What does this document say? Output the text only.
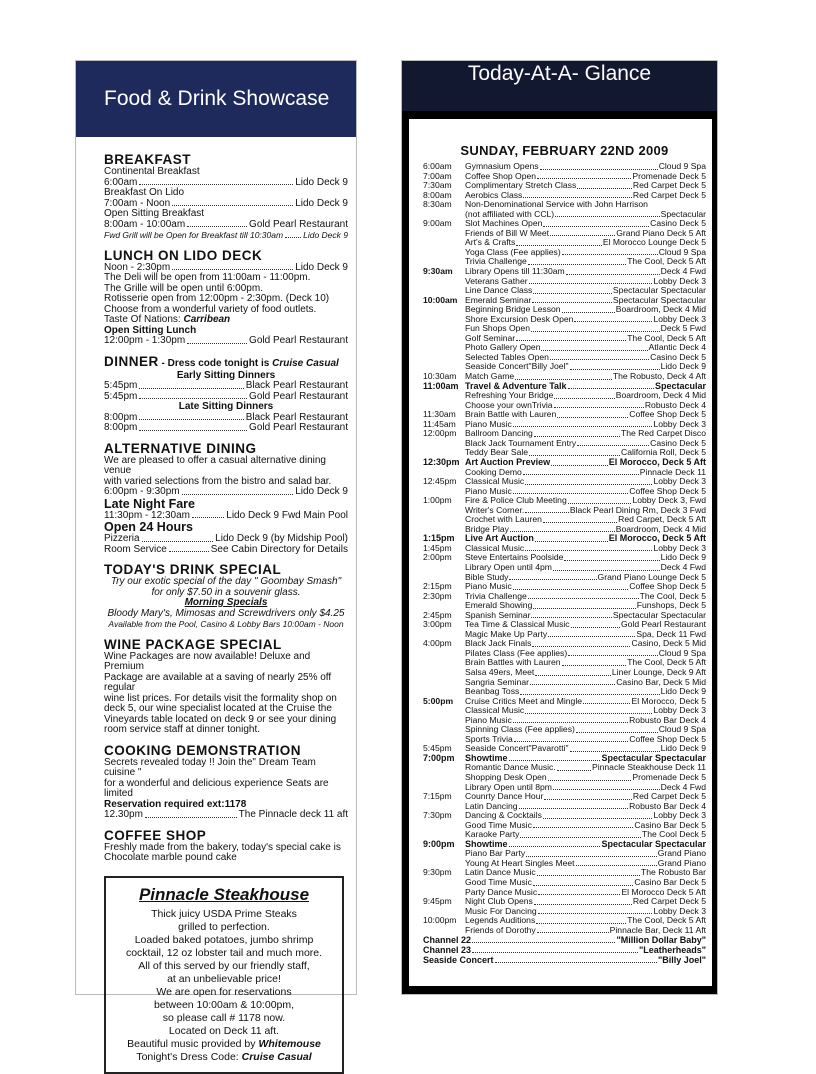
Food & Drink Showcase
BREAKFAST
Continental Breakfast
6:00am	Lido Deck 9
Breakfast On Lido
7:00am - Noon	Lido Deck 9
Open Sitting Breakfast
8:00am - 10:00am	Gold Pearl Restaurant
Fwd Grill will be Open for Breakfast till 10:30am Lido Deck 9
LUNCH ON LIDO DECK
Noon - 2:30pm	Lido Deck 9
The Deli will be open from 11:00am - 11:00pm.
The Grille will be open until 6:00pm.
Rotisserie open from 12:00pm - 2:30pm. (Deck 10)
Choose from a wonderful variety of food outlets.
Taste Of Nations: Carribean
Open Sitting Lunch
12:00pm - 1:30pm	Gold Pearl Restaurant
DINNER - Dress code tonight is Cruise Casual
Early Sitting Dinners
5:45pm	Black Pearl Restaurant
5:45pm	Gold Pearl Restaurant
Late Sitting Dinners
8:00pm	Black Pearl Restaurant
8:00pm	Gold Pearl Restaurant
ALTERNATIVE DINING
We are pleased to offer a casual alternative dining venue
with varied selections from the bistro and salad bar.
6:00pm - 9:30pm	Lido Deck 9
Late Night Fare
11:30pm - 12:30am	Lido Deck 9 Fwd Main Pool
Open 24 Hours
Pizzeria	Lido Deck 9 (by Midship Pool)
Room Service	See Cabin Directory for Details
TODAY'S DRINK SPECIAL
Try our exotic special of the day " Goombay Smash"
for only $7.50 in a souvenir glass.
Morning Specials
Bloody Mary's, Mimosas and Screwdrivers only $4.25
Available from the Pool, Casino & Lobby Bars 10:00am - Noon
WINE PACKAGE SPECIAL
Wine Packages are now available! Deluxe and Premium
Package are available at a saving of nearly 25% off regular
wine list prices. For details visit the formality shop on
deck 5, our wine specialist located at the Cruise the
Vineyards table located on deck 9 or see your dining
room service staff at dinner tonight.
COOKING DEMONSTRATION
Secrets revealed today !! Join the" Dream Team cuisine "
for a wonderful and delicious experience Seats are limited
Reservation required ext:1178
12.30pm	The Pinnacle deck 11 aft
COFFEE SHOP
Freshly made from the bakery, today's special cake is
Chocolate marble pound cake
Pinnacle Steakhouse
Thick juicy USDA Prime Steaks
grilled to perfection.
Loaded baked potatoes, jumbo shrimp
cocktail, 12 oz lobster tail and much more.
All of this served by our friendly staff,
at an unbelievable price!
We are open for reservations
between 10:00am & 10:00pm,
so please call # 1178 now.
Located on Deck 11 aft.
Beautiful music provided by Whitemouse
Tonight's Dress Code: Cruise Casual
Today-At-A- Glance
SUNDAY, FEBRUARY 22ND 2009
6:00am	Gymnasium Opens	Cloud 9 Spa
7:00am	Coffee Shop Open	Promenade Deck 5
7:30am	Complimentary Stretch Class	Red Carpet Deck 5
8:00am	Aerobics Class	Red Carpet Deck 5
8:30am	Non-Denominational Service with John Harrison
(not affiliated with CCL)	Spectacular
9:00am	Slot Machines Open	Casino Deck 5
Friends of Bill W Meet	Grand Piano Deck 5 Aft
Art's & Crafts	El Morocco Lounge Deck 5
Yoga Class (Fee applies)	Cloud 9 Spa
Trivia Challenge	The Cool, Deck 5 Aft
9:30am	Library Opens till 11:30am	Deck 4 Fwd
Veterans Gather	Lobby Deck 3
Line Dance Class	Spectacular Spectacular
10:00am Emerald Seminar	Spectacular Spectacular
Beginning Bridge Lesson	Boardroom, Deck 4 Mid
Shore Excursion Desk Open	Lobby Deck 3
Fun Shops Open	Deck 5 Fwd
Golf Seminar	The Cool, Deck 5 Aft
Photo Gallery Open	Atlantic Deck 4
Selected Tables Open	Casino Deck 5
Seaside Concert"Billy Joel"	Lido Deck 9
10:30am Match Game	The Robusto, Deck 4 Aft
11:00am Travel & Adventure Talk	Spectacular
Refreshing Your Bridge	Boardroom, Deck 4 Mid
Choose your ownTrivia	Robusto Deck 4
11:30am	Brain Battle with Lauren	Coffee Shop Deck 5
11:45am	Piano Music	Lobby Deck 3
12:00pm Ballroom Dancing	The Red Carpet Disco
Black Jack Tournament Entry	Casino Deck 5
Teddy Bear Sale	California Roll, Deck 5
12:30pm Art Auction Preview	El Morocco, Deck 5 Aft
Cooking Demo	Pinnacle Deck 11
12:45pm Classical Music	Lobby Deck 3
Piano Music	Coffee Shop Deck 5
1:00pm	Fire & Police Club Meeting	Lobby Deck 3, Fwd
Writer's Corner.	Black Pearl Dining Rm, Deck 3 Fwd
Crochet with Lauren	Red Carpet, Deck 5 Aft
Bridge Play	Boardroom, Deck 4 Mid
1:15pm	Live Art Auction	El Morocco, Deck 5 Aft
1:45pm	Classical Music	Lobby Deck 3
2:00pm	Steve Entertains Poolside	Lido Deck 9
Library Open until 4pm	Deck 4 Fwd
Bible Study	Grand Piano Lounge Deck 5
2:15pm	Piano Music	Coffee Shop Deck 5
2:30pm	Trivia Challenge	The Cool, Deck 5
Emerald Showing	Funshops, Deck 5
2:45pm	Spanish Seminar	Spectacular Spectacular
3:00pm	Tea Time & Classical Music	Gold Pearl Restaurant
Magic Make Up Party	Spa, Deck 11 Fwd
4:00pm	Black Jack Finals	Casino, Deck 5 Mid
Pilates Class (Fee applies)	Cloud 9 Spa
Brain Battles with Lauren	The Cool, Deck 5 Aft
Salsa 49ers, Meet	Liner Lounge, Deck 9 Aft
Sangria Seminar	Casino Bar, Deck 5 Mid
Beanbag Toss	Lido Deck 9
5:00pm	Cruise Critics Meet and Mingle	El Morocco, Deck 5
Classical Music	Lobby Deck 3
Piano Music	Robusto Bar Deck 4
Spinning Class (Fee applies)	Cloud 9 Spa
Sports Trivia	Coffee Shop Deck 5
5:45pm	Seaside Concert"Pavarotti"	Lido Deck 9
7:00pm	Showtime	Spectacular Spectacular
Romantic Dance Music.	Pinnacle Steakhouse Deck 11
Shopping Desk Open	Promenade Deck 5
Library Open until 8pm	Deck 4 Fwd
7:15pm	Counrty Dance Hour	Red Carpet Deck 5
Latin Dancing	Robusto Bar Deck 4
7:30pm	Dancing & Cocktails	Lobby Deck 3
Good Time Music	Casino Bar Deck 5
Karaoke Party	The Cool Deck 5
9:00pm	Showtime	Spectacular Spectacular
Piano Bar Party	Grand Piano
Young At Heart Singles Meet	Grand Piano
9:30pm	Latin Dance Music	The Robusto Bar
Good Time Music	Casino Bar Deck 5
Party Dance Music	El Morocco Deck 5 Aft
9:45pm	Night Club Opens	Red Carpet Deck 5
Music For Dancing	Lobby Deck 3
10:00pm Legends Auditions	The Cool, Deck 5 Aft
Friends of Dorothy	Pinnacle Bar, Deck 11 Aft
Channel 22	"Million Dollar Baby"
Channel 23	"Leatherheads"
Seaside Concert	"Billy Joel"
